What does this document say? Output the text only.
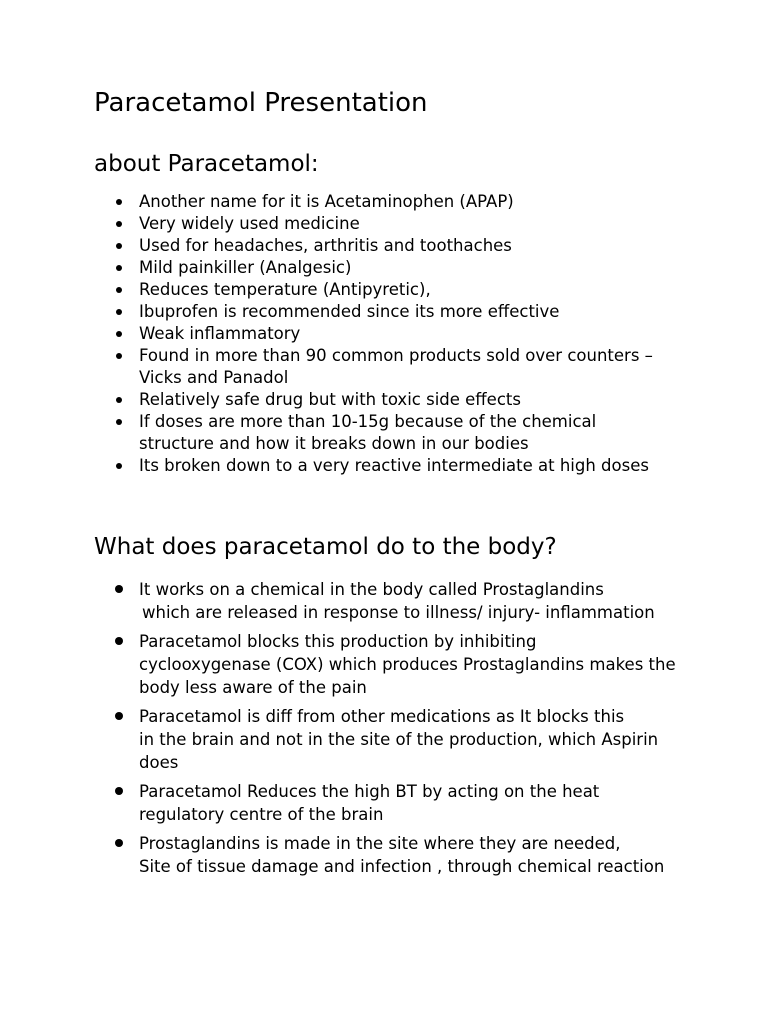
Paracetamol Presentation
about Paracetamol:
Another name for it is Acetaminophen (APAP)
Very widely used medicine
Used for headaches, arthritis and toothaches
Mild painkiller (Analgesic)
Reduces temperature (Antipyretic),
Ibuprofen is recommended since its more effective
Weak inflammatory
Found in more than 90 common products sold over counters – Vicks and Panadol
Relatively safe drug but with toxic side effects
If doses are more than 10-15g because of the chemical structure and how it breaks down in our bodies
Its broken down to a very reactive intermediate at high doses
What does paracetamol do to the body?
It works on a chemical in the body called Prostaglandins
which are released in response to illness/ injury- inflammation
Paracetamol blocks this production by inhibiting
cyclooxygenase (COX) which produces Prostaglandins makes the body less aware of the pain
Paracetamol is diff from other medications as It blocks this
in the brain and not in the site of the production, which Aspirin does
Paracetamol Reduces the high BT by acting on the heat
regulatory centre of the brain
Prostaglandins is made in the site where they are needed,
Site of tissue damage and infection , through chemical reaction
